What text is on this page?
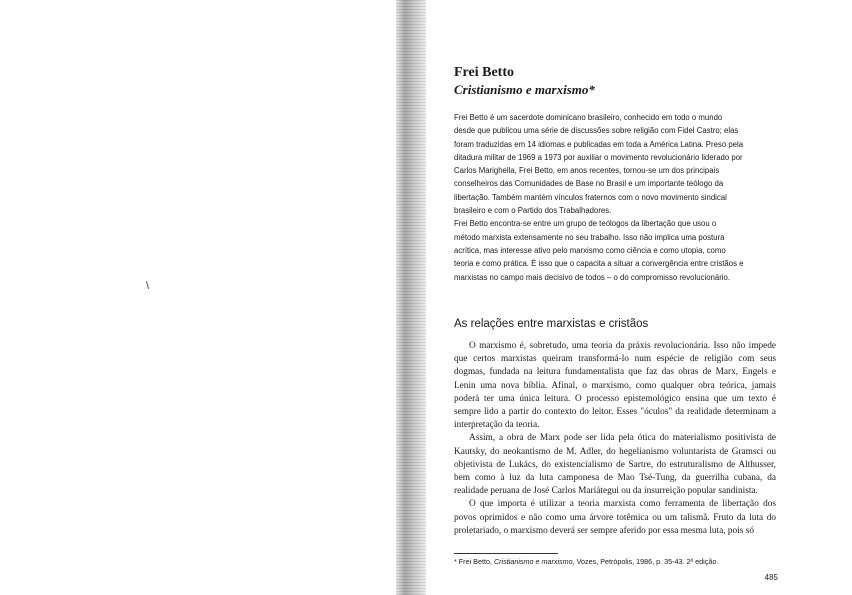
Frei Betto
Cristianismo e marxismo*

Frei Betto é um sacerdote dominicano brasileiro, conhecido em todo o mundo desde que publicou uma série de discussões sobre religião com Fidel Castro; elas foram traduzidas em 14 idiomas e publicadas em toda a América Latina. Preso pela ditadura militar de 1969 a 1973 por auxiliar o movimento revolucionário liderado por Carlos Marighella, Frei Betto, em anos recentes, tornou-se um dos principais conselheiros das Comunidades de Base no Brasil e um importante teólogo da libertação. Também mantém vínculos fraternos com o novo movimento sindical brasileiro e com o Partido dos Trabalhadores.

Frei Betto encontra-se entre um grupo de teólogos da libertação que usou o método marxista extensamente no seu trabalho. Isso não implica uma postura acrítica, mas interesse ativo pelo marxismo como ciência e como utopia, como teoria e como prática. É isso que o capacita a situar a convergência entre cristãos e marxistas no campo mais decisivo de todos – o do compromisso revolucionário.

As relações entre marxistas e cristãos

O marxismo é, sobretudo, uma teoria da práxis revolucionária. Isso não impede que certos marxistas queiram transformá-lo num espécie de religião com seus dogmas, fundada na leitura fundamentalista que faz das obras de Marx, Engels e Lenin uma nova bíblia. Afinal, o marxismo, como qualquer obra teórica, jamais poderá ter uma única leitura. O processo epistemológico ensina que um texto é sempre lido a partir do contexto do leitor. Esses "óculos" da realidade determinam a interpretação da teoria.

Assim, a obra de Marx pode ser lida pela ótica do materialismo positivista de Kautsky, do neokantismo de M. Adler, do hegelianismo voluntarista de Gramsci ou objetivista de Lukács, do existencialismo de Sartre, do estruturalismo de Althusser, bem como à luz da luta camponesa de Mao Tsé-Tung, da guerrilha cubana, da realidade peruana de José Carlos Mariátegui ou da insurreição popular sandinista.

O que importa é utilizar a teoria marxista como ferramenta de libertação dos povos oprimidos e não como uma árvore totêmica ou um talismã. Fruto da luta do proletariado, o marxismo deverá ser sempre aferido por essa mesma luta, pois só

* Frei Betto, Cristianismo e marxismo, Vozes, Petrópolis, 1986, p. 35-43. 2ª edição.

485
